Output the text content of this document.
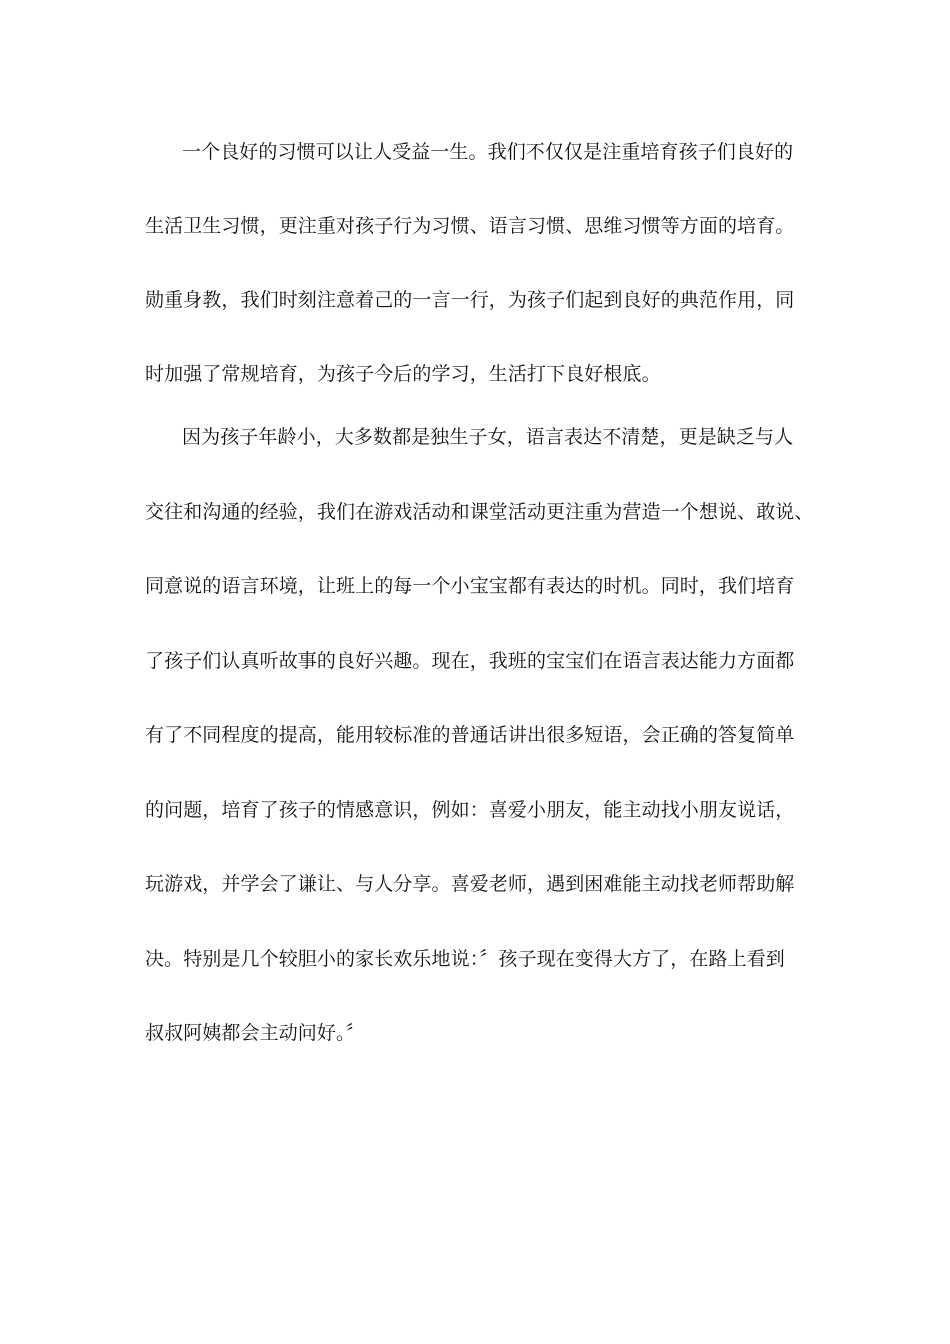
一个良好的习惯可以让人受益一生。我们不仅仅是注重培育孩子们良好的
生活卫生习惯，更注重对孩子行为习惯、语言习惯、思维习惯等方面的培育。
勋重身教，我们时刻注意着己的一言一行，为孩子们起到良好的典范作用，同
时加强了常规培育，为孩子今后的学习，生活打下良好根底。
因为孩子年龄小，大多数都是独生子女，语言表达不清楚，更是缺乏与人
交往和沟通的经验，我们在游戏活动和课堂活动更注重为营造一个想说、敢说、
同意说的语言环境，让班上的每一个小宝宝都有表达的时机。同时，我们培育
了孩子们认真听故事的良好兴趣。现在，我班的宝宝们在语言表达能力方面都
有了不同程度的提高，能用较标准的普通话讲出很多短语，会正确的答复简单
的问题，培育了孩子的情感意识，例如：喜爱小朋友，能主动找小朋友说话，
玩游戏，并学会了谦让、与人分享。喜爱老师，遇到困难能主动找老师帮助解
决。特别是几个较胆小的家长欢乐地说：〞孩子现在变得大方了，在路上看到
叔叔阿姨都会主动问好。〞
